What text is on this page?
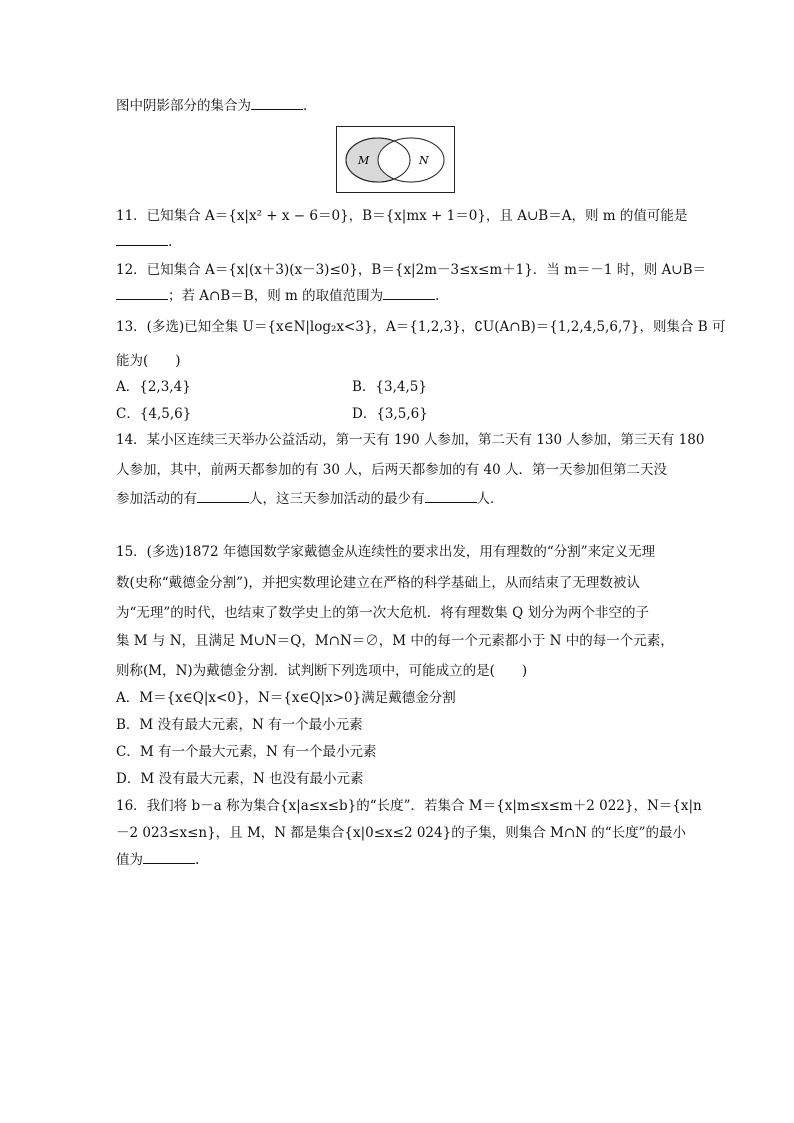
图中阴影部分的集合为	.
M	N
11．已知集合 A＝{x|x² + x − 6＝0}，B＝{x|mx + 1＝0}，且 A∪B＝A，则 m 的值可能是
.
12．已知集合 A＝{x|(x＋3)(x－3)≤0}，B＝{x|2m－3≤x≤m＋1}．当 m＝－1 时，则 A∪B＝
；若 A∩B＝B，则 m 的取值范围为	.
13．(多选)已知全集 U＝{x∈N|log₂x<3}，A＝{1,2,3}，∁U(A∩B)＝{1,2,4,5,6,7}，则集合 B 可
能为(　　)
A．{2,3,4}	B．{3,4,5}
C．{4,5,6}	D．{3,5,6}
14．某小区连续三天举办公益活动，第一天有 190 人参加，第二天有 130 人参加，第三天有 180
人参加，其中，前两天都参加的有 30 人，后两天都参加的有 40 人．第一天参加但第二天没
参加活动的有	人，这三天参加活动的最少有	人．
15．(多选)1872 年德国数学家戴德金从连续性的要求出发，用有理数的“分割”来定义无理
数(史称“戴德金分割”)，并把实数理论建立在严格的科学基础上，从而结束了无理数被认
为“无理”的时代，也结束了数学史上的第一次大危机．将有理数集 Q 划分为两个非空的子
集 M 与 N，且满足 M∪N＝Q，M∩N＝∅，M 中的每一个元素都小于 N 中的每一个元素，
则称(M，N)为戴德金分割．试判断下列选项中，可能成立的是(　　)
A．M＝{x∈Q|x<0}，N＝{x∈Q|x>0}满足戴德金分割
B．M 没有最大元素，N 有一个最小元素
C．M 有一个最大元素，N 有一个最小元素
D．M 没有最大元素，N 也没有最小元素
16．我们将 b－a 称为集合{x|a≤x≤b}的“长度”．若集合 M＝{x|m≤x≤m＋2 022}，N＝{x|n
－2 023≤x≤n}，且 M，N 都是集合{x|0≤x≤2 024}的子集，则集合 M∩N 的“长度”的最小
值为	.
